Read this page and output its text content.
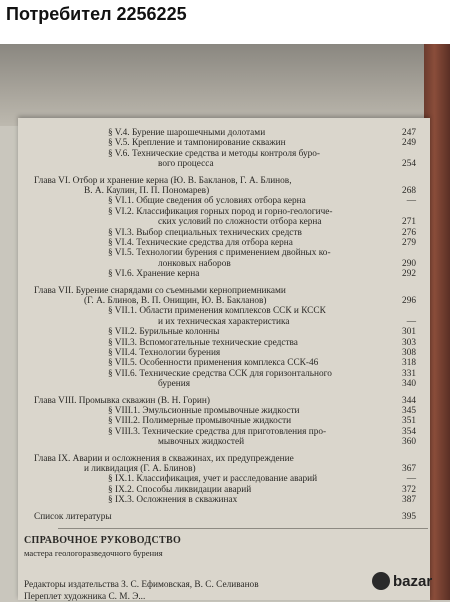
Потребител 2256225
§ V.4. Бурение шарошечными долотами	247
§ V.5. Крепление и тампонирование скважин	249
§ V.6. Технические средства и методы контроля буро-
вого процесса	254
Глава VI. Отбор и хранение керна (Ю. В. Бакланов, Г. А. Блинов,
В. А. Каулин, П. П. Пономарев)	268
§ VI.1. Общие сведения об условиях отбора керна	—
§ VI.2. Классификация горных пород и горно-геологиче-
ских условий по сложности отбора керна	271
§ VI.3. Выбор специальных технических средств	276
§ VI.4. Технические средства для отбора керна	279
§ VI.5. Технологии бурения с применением двойных ко-
лонковых наборов	290
§ VI.6. Хранение керна	292
Глава VII. Бурение снарядами со съемными кернoприемниками
(Г. А. Блинов, В. П. Онищин, Ю. В. Бакланов)	296
§ VII.1. Области применения комплексов ССК и КССК
и их техническая характеристика	—
§ VII.2. Бурильные колонны	301
§ VII.3. Вспомогательные технические средства	303
§ VII.4. Технологии бурения	308
§ VII.5. Особенности применения комплекса ССК-46	318
§ VII.6. Технические средства ССК для горизонтального	331
бурения	340
Глава VIII. Промывка скважин (В. Н. Горин)	344
§ VIII.1. Эмульсионные промывочные жидкости	345
§ VIII.2. Полимерные промывочные жидкости	351
§ VIII.3. Технические средства для приготовления про-	354
мывочных жидкостей	360
Глава IX. Аварии и осложнения в скважинах, их предупреждение
и ликвидация (Г. А. Блинов)	367
§ IX.1. Классификация, учет и расследование аварий	—
§ IX.2. Способы ликвидации аварий	372
§ IX.3. Осложнения в скважинах	387
Список литературы	395
СПРАВОЧНОЕ РУКОВОДСТВО
мастера геологоразведочного бурения
Редакторы издательства З. С. Ефимовская, В. С. Селиванов
Переплет художника С. М. Э...
bazar
